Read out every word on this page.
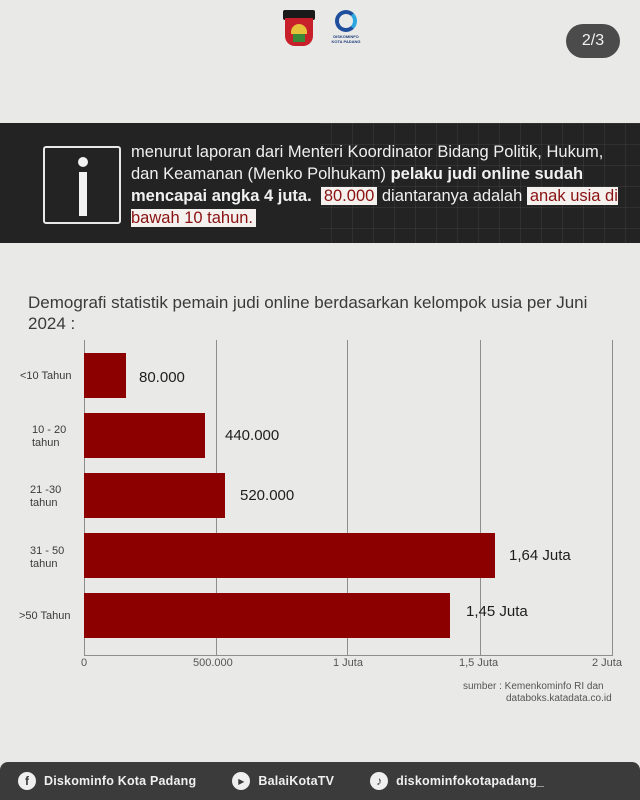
DISKOMINFO KOTA PADANG	2/3
menurut laporan dari Menteri Koordinator Bidang Politik, Hukum, dan Keamanan (Menko Polhukam) pelaku judi online sudah mencapai angka 4 juta. 80.000 diantaranya adalah anak usia di bawah 10 tahun.
Demografi statistik pemain judi online berdasarkan kelompok usia per Juni 2024 :
<10 Tahun
10 - 20
tahun
21 -30
tahun
31 - 50
tahun
>50 Tahun
80.000
440.000
520.000
1,64 Juta
1,45 Juta
0	500.000	1 Juta	1,5 Juta	2 Juta
sumber : Kemenkominfo RI dan
databoks.katadata.co.id
f	Diskominfo Kota Padang	▶	BalaiKotaTV	♪	diskominfokotapadang_
